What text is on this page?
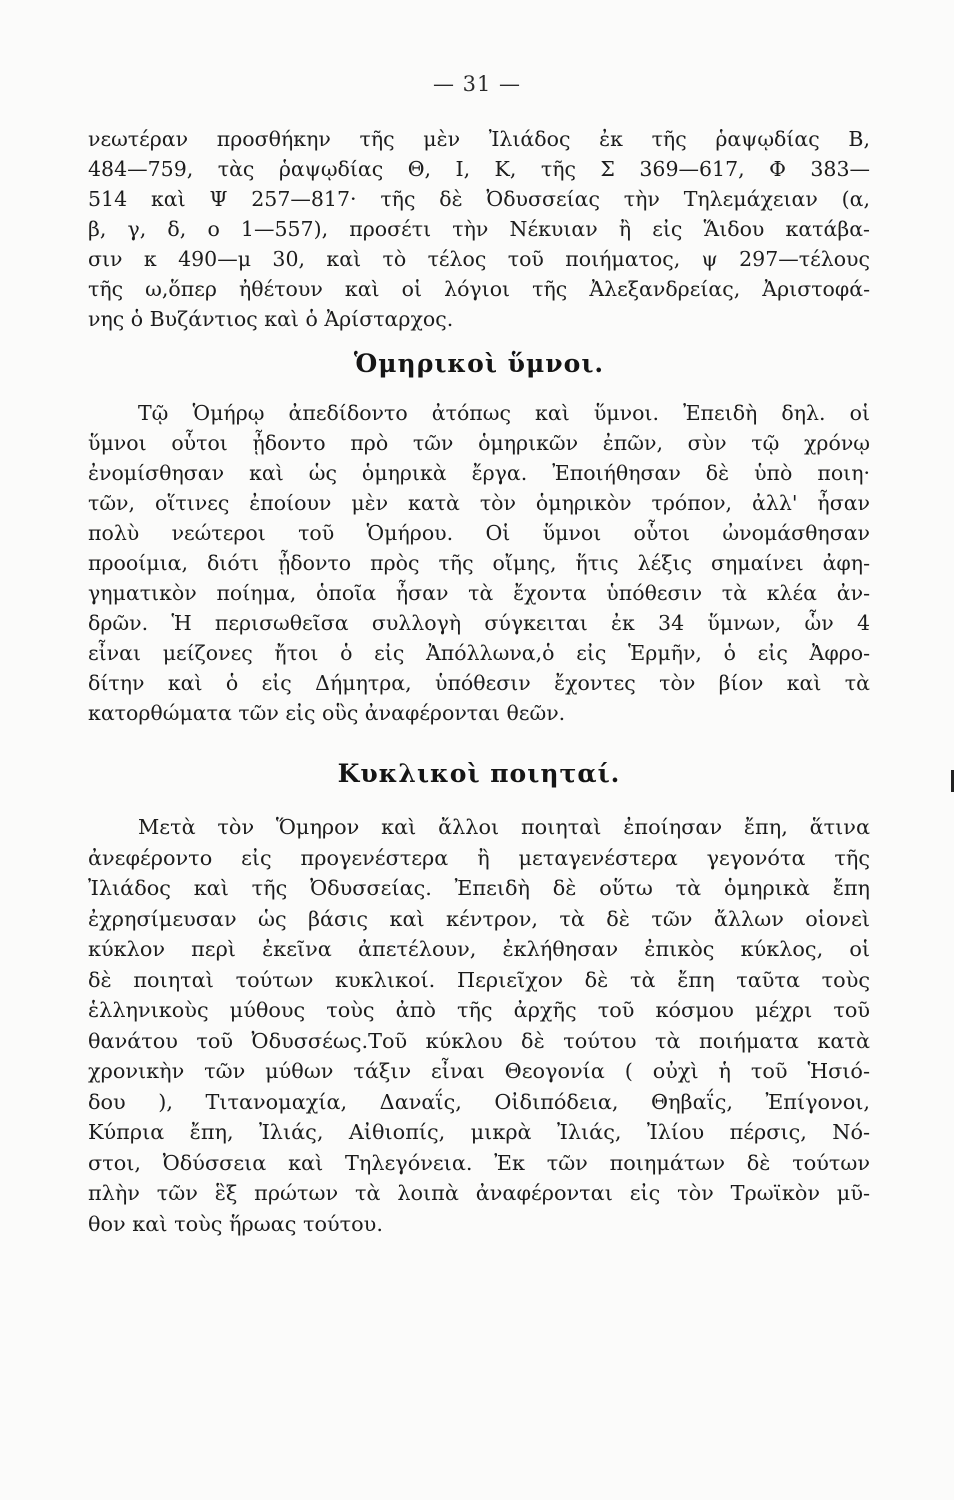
— 31 —
νεωτέραν προσθήκην τῆς μὲν Ἰλιάδος ἐκ τῆς ῥαψῳδίας Β,
484—759, τὰς ῥαψῳδίας Θ, Ι, Κ, τῆς Σ 369—617, Φ 383—
514 καὶ Ψ 257—817· τῆς δὲ Ὀδυσσείας τὴν Τηλεμάχειαν (α,
β, γ, δ, ο 1—557), προσέτι τὴν Νέκυιαν ἢ εἰς Ἅιδου κατάβα-
σιν κ 490—μ 30, καὶ τὸ τέλος τοῦ ποιήματος, ψ 297—τέλους
τῆς ω,ὅπερ ἠθέτουν καὶ οἱ λόγιοι τῆς Ἀλεξανδρείας, Ἀριστοφά-
νης ὁ Βυζάντιος καὶ ὁ Ἀρίσταρχος.
Ὁμηρικοὶ ὕμνοι.
Τῷ Ὁμήρῳ ἀπεδίδοντο ἀτόπως καὶ ὕμνοι. Ἐπειδὴ δηλ. οἱ
ὕμνοι οὗτοι ᾖδοντο πρὸ τῶν ὁμηρικῶν ἐπῶν, σὺν τῷ χρόνῳ
ἐνομίσθησαν καὶ ὡς ὁμηρικὰ ἔργα. Ἐποιήθησαν δὲ ὑπὸ ποιη·
τῶν, οἵτινες ἐποίουν μὲν κατὰ τὸν ὁμηρικὸν τρόπον, ἀλλ' ἦσαν
πολὺ νεώτεροι τοῦ Ὁμήρου. Οἱ ὕμνοι οὗτοι ὠνομάσθησαν
προοίμια, διότι ᾖδοντο πρὸς τῆς οἴμης, ἥτις λέξις σημαίνει ἀφη-
γηματικὸν ποίημα, ὁποῖα ἦσαν τὰ ἔχοντα ὑπόθεσιν τὰ κλέα ἀν-
δρῶν. Ἡ περισωθεῖσα συλλογὴ σύγκειται ἐκ 34 ὕμνων, ὧν 4
εἶναι μείζονες ἤτοι ὁ εἰς Ἀπόλλωνα,ὁ εἰς Ἑρμῆν, ὁ εἰς Ἀφρο-
δίτην καὶ ὁ εἰς Δήμητρα, ὑπόθεσιν ἔχοντες τὸν βίον καὶ τὰ
κατορθώματα τῶν εἰς οὓς ἀναφέρονται θεῶν.
Κυκλικοὶ ποιηταί.
Μετὰ τὸν Ὅμηρον καὶ ἄλλοι ποιηταὶ ἐποίησαν ἔπη, ἅτινα
ἀνεφέροντο εἰς προγενέστερα ἢ μεταγενέστερα γεγονότα τῆς
Ἰλιάδος καὶ τῆς Ὀδυσσείας. Ἐπειδὴ δὲ οὕτω τὰ ὁμηρικὰ ἔπη
ἐχρησίμευσαν ὡς βάσις καὶ κέντρον, τὰ δὲ τῶν ἄλλων οἱονεὶ
κύκλον περὶ ἐκεῖνα ἀπετέλουν, ἐκλήθησαν ἐπικὸς κύκλος, οἱ
δὲ ποιηταὶ τούτων κυκλικοί. Περιεῖχον δὲ τὰ ἔπη ταῦτα τοὺς
ἑλληνικοὺς μύθους τοὺς ἀπὸ τῆς ἀρχῆς τοῦ κόσμου μέχρι τοῦ
θανάτου τοῦ Ὀδυσσέως.Τοῦ κύκλου δὲ τούτου τὰ ποιήματα κατὰ
χρονικὴν τῶν μύθων τάξιν εἶναι Θεογονία ( οὐχὶ ἡ τοῦ Ἡσιό-
δου ), Τιτανομαχία, Δαναΐς, Οἰδιπόδεια, Θηβαΐς, Ἐπίγονοι,
Κύπρια ἔπη, Ἰλιάς, Αἰθιοπίς, μικρὰ Ἰλιάς, Ἰλίου πέρσις, Νό-
στοι, Ὀδύσσεια καὶ Τηλεγόνεια. Ἐκ τῶν ποιημάτων δὲ τούτων
πλὴν τῶν ἓξ πρώτων τὰ λοιπὰ ἀναφέρονται εἰς τὸν Τρωϊκὸν μῦ-
θον καὶ τοὺς ἥρωας τούτου.
